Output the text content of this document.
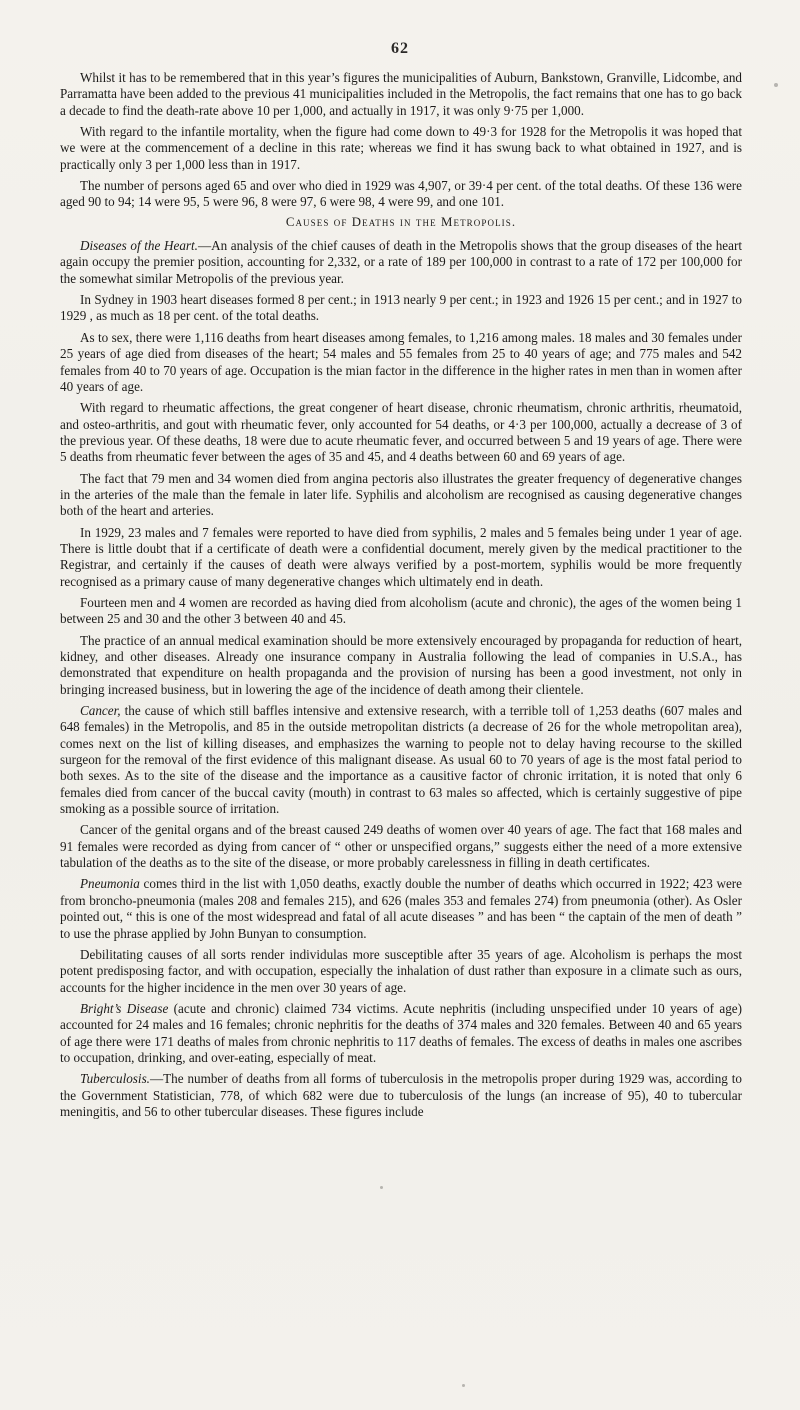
62

Whilst it has to be remembered that in this year’s figures the municipalities of Auburn, Bankstown, Granville, Lidcombe, and Parramatta have been added to the previous 41 municipalities included in the Metropolis, the fact remains that one has to go back a decade to find the death-rate above 10 per 1,000, and actually in 1917, it was only 9·75 per 1,000.

With regard to the infantile mortality, when the figure had come down to 49·3 for 1928 for the Metropolis it was hoped that we were at the commencement of a decline in this rate; whereas we find it has swung back to what obtained in 1927, and is practically only 3 per 1,000 less than in 1917.

The number of persons aged 65 and over who died in 1929 was 4,907, or 39·4 per cent. of the total deaths. Of these 136 were aged 90 to 94; 14 were 95, 5 were 96, 8 were 97, 6 were 98, 4 were 99, and one 101.

Causes of Deaths in the Metropolis.

Diseases of the Heart.—An analysis of the chief causes of death in the Metropolis shows that the group diseases of the heart again occupy the premier position, accounting for 2,332, or a rate of 189 per 100,000 in contrast to a rate of 172 per 100,000 for the somewhat similar Metropolis of the previous year.

In Sydney in 1903 heart diseases formed 8 per cent.; in 1913 nearly 9 per cent.; in 1923 and 1926 15 per cent.; and in 1927 to 1929 , as much as 18 per cent. of the total deaths.

As to sex, there were 1,116 deaths from heart diseases among females, to 1,216 among males. 18 males and 30 females under 25 years of age died from diseases of the heart; 54 males and 55 females from 25 to 40 years of age; and 775 males and 542 females from 40 to 70 years of age. Occupation is the mian factor in the difference in the higher rates in men than in women after 40 years of age.

With regard to rheumatic affections, the great congener of heart disease, chronic rheumatism, chronic arthritis, rheumatoid, and osteo-arthritis, and gout with rheumatic fever, only accounted for 54 deaths, or 4·3 per 100,000, actually a decrease of 3 of the previous year. Of these deaths, 18 were due to acute rheumatic fever, and occurred between 5 and 19 years of age. There were 5 deaths from rheumatic fever between the ages of 35 and 45, and 4 deaths between 60 and 69 years of age.

The fact that 79 men and 34 women died from angina pectoris also illustrates the greater frequency of degenerative changes in the arteries of the male than the female in later life. Syphilis and alcoholism are recognised as causing degenerative changes both of the heart and arteries.

In 1929, 23 males and 7 females were reported to have died from syphilis, 2 males and 5 females being under 1 year of age. There is little doubt that if a certificate of death were a confidential document, merely given by the medical practitioner to the Registrar, and certainly if the causes of death were always verified by a post-mortem, syphilis would be more frequently recognised as a primary cause of many degenerative changes which ultimately end in death.

Fourteen men and 4 women are recorded as having died from alcoholism (acute and chronic), the ages of the women being 1 between 25 and 30 and the other 3 between 40 and 45.

The practice of an annual medical examination should be more extensively encouraged by propaganda for reduction of heart, kidney, and other diseases. Already one insurance company in Australia following the lead of companies in U.S.A., has demonstrated that expenditure on health propaganda and the provision of nursing has been a good investment, not only in bringing increased business, but in lowering the age of the incidence of death among their clientele.

Cancer, the cause of which still baffles intensive and extensive research, with a terrible toll of 1,253 deaths (607 males and 648 females) in the Metropolis, and 85 in the outside metropolitan districts (a decrease of 26 for the whole metropolitan area), comes next on the list of killing diseases, and emphasizes the warning to people not to delay having recourse to the skilled surgeon for the removal of the first evidence of this malignant disease. As usual 60 to 70 years of age is the most fatal period to both sexes. As to the site of the disease and the importance as a causitive factor of chronic irritation, it is noted that only 6 females died from cancer of the buccal cavity (mouth) in contrast to 63 males so affected, which is certainly suggestive of pipe smoking as a possible source of irritation.

Cancer of the genital organs and of the breast caused 249 deaths of women over 40 years of age. The fact that 168 males and 91 females were recorded as dying from cancer of “ other or unspecified organs,” suggests either the need of a more extensive tabulation of the deaths as to the site of the disease, or more probably carelessness in filling in death certificates.

Pneumonia comes third in the list with 1,050 deaths, exactly double the number of deaths which occurred in 1922; 423 were from broncho-pneumonia (males 208 and females 215), and 626 (males 353 and females 274) from pneumonia (other). As Osler pointed out, “ this is one of the most widespread and fatal of all acute diseases ” and has been “ the captain of the men of death ” to use the phrase applied by John Bunyan to consumption.

Debilitating causes of all sorts render individulas more susceptible after 35 years of age. Alcoholism is perhaps the most potent predisposing factor, and with occupation, especially the inhalation of dust rather than exposure in a climate such as ours, accounts for the higher incidence in the men over 30 years of age.

Bright’s Disease (acute and chronic) claimed 734 victims. Acute nephritis (including unspecified under 10 years of age) accounted for 24 males and 16 females; chronic nephritis for the deaths of 374 males and 320 females. Between 40 and 65 years of age there were 171 deaths of males from chronic nephritis to 117 deaths of females. The excess of deaths in males one ascribes to occupation, drinking, and over-eating, especially of meat.

Tuberculosis.—The number of deaths from all forms of tuberculosis in the metropolis proper during 1929 was, according to the Government Statistician, 778, of which 682 were due to tuberculosis of the lungs (an increase of 95), 40 to tubercular meningitis, and 56 to other tubercular diseases. These figures include
